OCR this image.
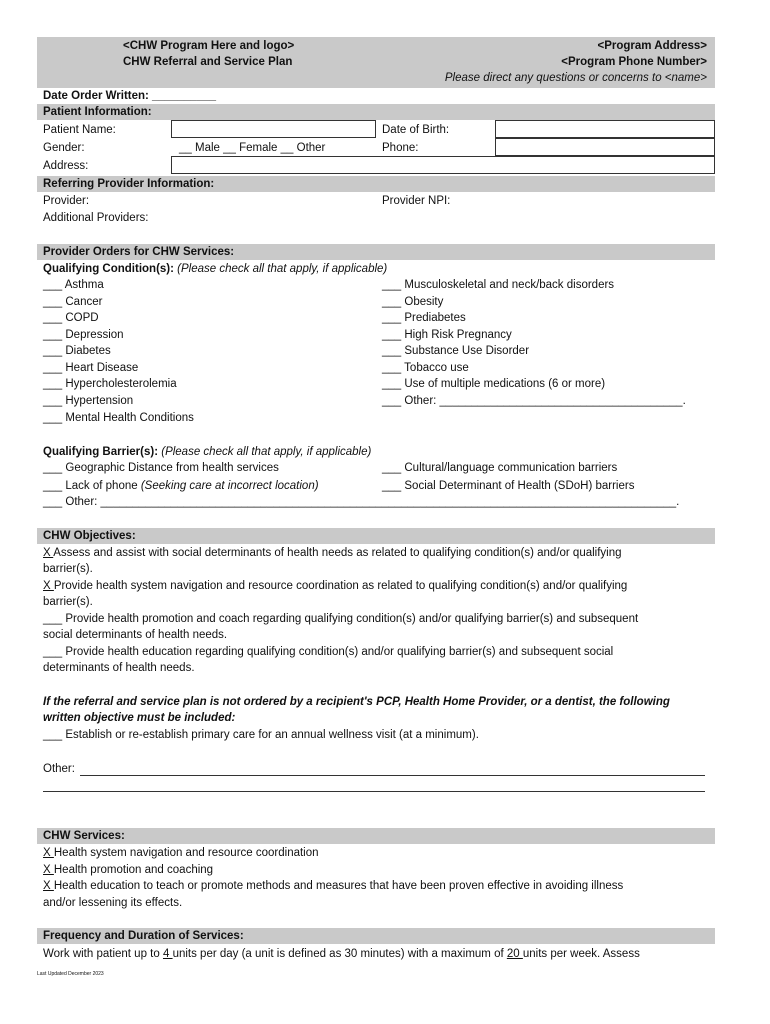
<CHW Program Here and logo>
CHW Referral and Service Plan
<Program Address>
<Program Phone Number>
Please direct any questions or concerns to <name>
Date Order Written: __________
Patient Information:
Patient Name:	Date of Birth:
Gender:	__ Male __ Female __ Other	Phone:
Address:
Referring Provider Information:
Provider:	Provider NPI:
Additional Providers:
Provider Orders for CHW Services:
Qualifying Condition(s): (Please check all that apply, if applicable)
___ Asthma
___ Cancer
___ COPD
___ Depression
___ Diabetes
___ Heart Disease
___ Hypercholesterolemia
___ Hypertension
___ Mental Health Conditions
___ Musculoskeletal and neck/back disorders
___ Obesity
___ Prediabetes
___ High Risk Pregnancy
___ Substance Use Disorder
___ Tobacco use
___ Use of multiple medications (6 or more)
___ Other: ______________________________________.
Qualifying Barrier(s): (Please check all that apply, if applicable)
___ Geographic Distance from health services
___ Lack of phone (Seeking care at incorrect location)
___ Other: __________________________________________________________________________________________.
___ Cultural/language communication barriers
___ Social Determinant of Health (SDoH) barriers
CHW Objectives:
X Assess and assist with social determinants of health needs as related to qualifying condition(s) and/or qualifying
barrier(s).
X Provide health system navigation and resource coordination as related to qualifying condition(s) and/or qualifying
barrier(s).
___ Provide health promotion and coach regarding qualifying condition(s) and/or qualifying barrier(s) and subsequent
social determinants of health needs.
___ Provide health education regarding qualifying condition(s) and/or qualifying barrier(s) and subsequent social
determinants of health needs.
If the referral and service plan is not ordered by a recipient's PCP, Health Home Provider, or a dentist, the following
written objective must be included:
___ Establish or re-establish primary care for an annual wellness visit (at a minimum).
Other:
CHW Services:
X Health system navigation and resource coordination
X Health promotion and coaching
X Health education to teach or promote methods and measures that have been proven effective in avoiding illness
and/or lessening its effects.
Frequency and Duration of Services:
Work with patient up to 4 units per day (a unit is defined as 30 minutes) with a maximum of 20 units per week. Assess
Last Updated December 2023
